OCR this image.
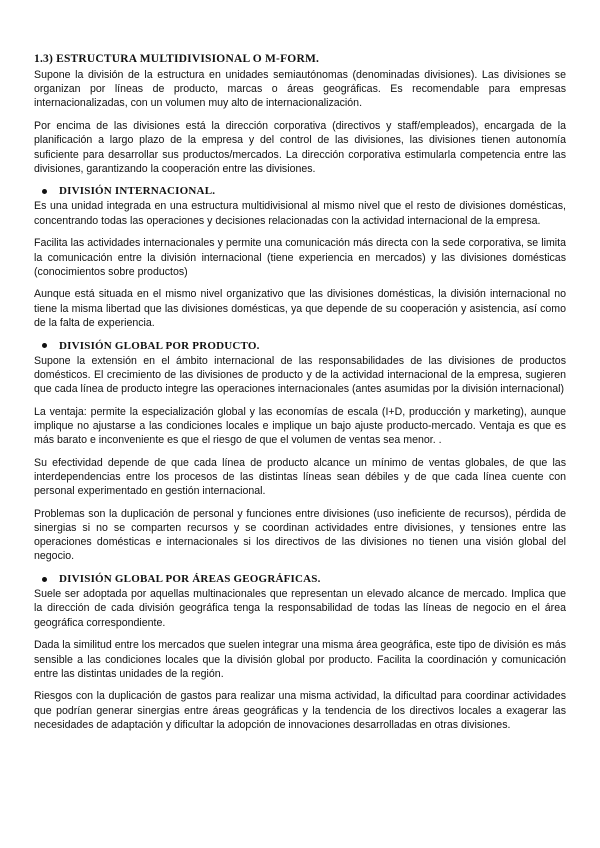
1.3) ESTRUCTURA MULTIDIVISIONAL O M-FORM.

Supone la división de la estructura en unidades semiautónomas (denominadas divisiones). Las divisiones se organizan por líneas de producto, marcas o áreas geográficas. Es recomendable para empresas internacionalizadas, con un volumen muy alto de internacionalización.

Por encima de las divisiones está la dirección corporativa (directivos y staff/empleados), encargada de la planificación a largo plazo de la empresa y del control de las divisiones, las divisiones tienen autonomía suficiente para desarrollar sus productos/mercados. La dirección corporativa estimularla competencia entre las divisiones, garantizando la cooperación entre las divisiones.

DIVISIÓN INTERNACIONAL.

Es una unidad integrada en una estructura multidivisional al mismo nivel que el resto de divisiones domésticas, concentrando todas las operaciones y decisiones relacionadas con la actividad internacional de la empresa.

Facilita las actividades internacionales y permite una comunicación más directa con la sede corporativa, se limita la comunicación entre la división internacional (tiene experiencia en mercados) y las divisiones domésticas (conocimientos sobre productos)

Aunque está situada en el mismo nivel organizativo que las divisiones domésticas, la división internacional no tiene la misma libertad que las divisiones domésticas, ya que depende de su cooperación y asistencia, así como de la falta de experiencia.

DIVISIÓN GLOBAL POR PRODUCTO.

Supone la extensión en el ámbito internacional de las responsabilidades de las divisiones de productos domésticos. El crecimiento de las divisiones de producto y de la actividad internacional de la empresa, sugieren que cada línea de producto integre las operaciones internacionales (antes asumidas por la división internacional)

La ventaja: permite la especialización global y las economías de escala (I+D, producción y marketing), aunque implique no ajustarse a las condiciones locales e implique un bajo ajuste producto-mercado. Ventaja es que es más barato e inconveniente es que el riesgo de que el volumen de ventas sea menor. .

Su efectividad depende de que cada línea de producto alcance un mínimo de ventas globales, de que las interdependencias entre los procesos de las distintas líneas sean débiles y de que cada línea cuente con personal experimentado en gestión internacional.

Problemas son la duplicación de personal y funciones entre divisiones (uso ineficiente de recursos), pérdida de sinergias si no se comparten recursos y se coordinan actividades entre divisiones, y tensiones entre las operaciones domésticas e internacionales si los directivos de las divisiones no tienen una visión global del negocio.

DIVISIÓN GLOBAL POR ÁREAS GEOGRÁFICAS.

Suele ser adoptada por aquellas multinacionales que representan un elevado alcance de mercado. Implica que la dirección de cada división geográfica tenga la responsabilidad de todas las líneas de negocio en el área geográfica correspondiente.

Dada la similitud entre los mercados que suelen integrar una misma área geográfica, este tipo de división es más sensible a las condiciones locales que la división global por producto. Facilita la coordinación y comunicación entre las distintas unidades de la región.

Riesgos con la duplicación de gastos para realizar una misma actividad, la dificultad para coordinar actividades que podrían generar sinergias entre áreas geográficas y la tendencia de los directivos locales a exagerar las necesidades de adaptación y dificultar la adopción de innovaciones desarrolladas en otras divisiones.
